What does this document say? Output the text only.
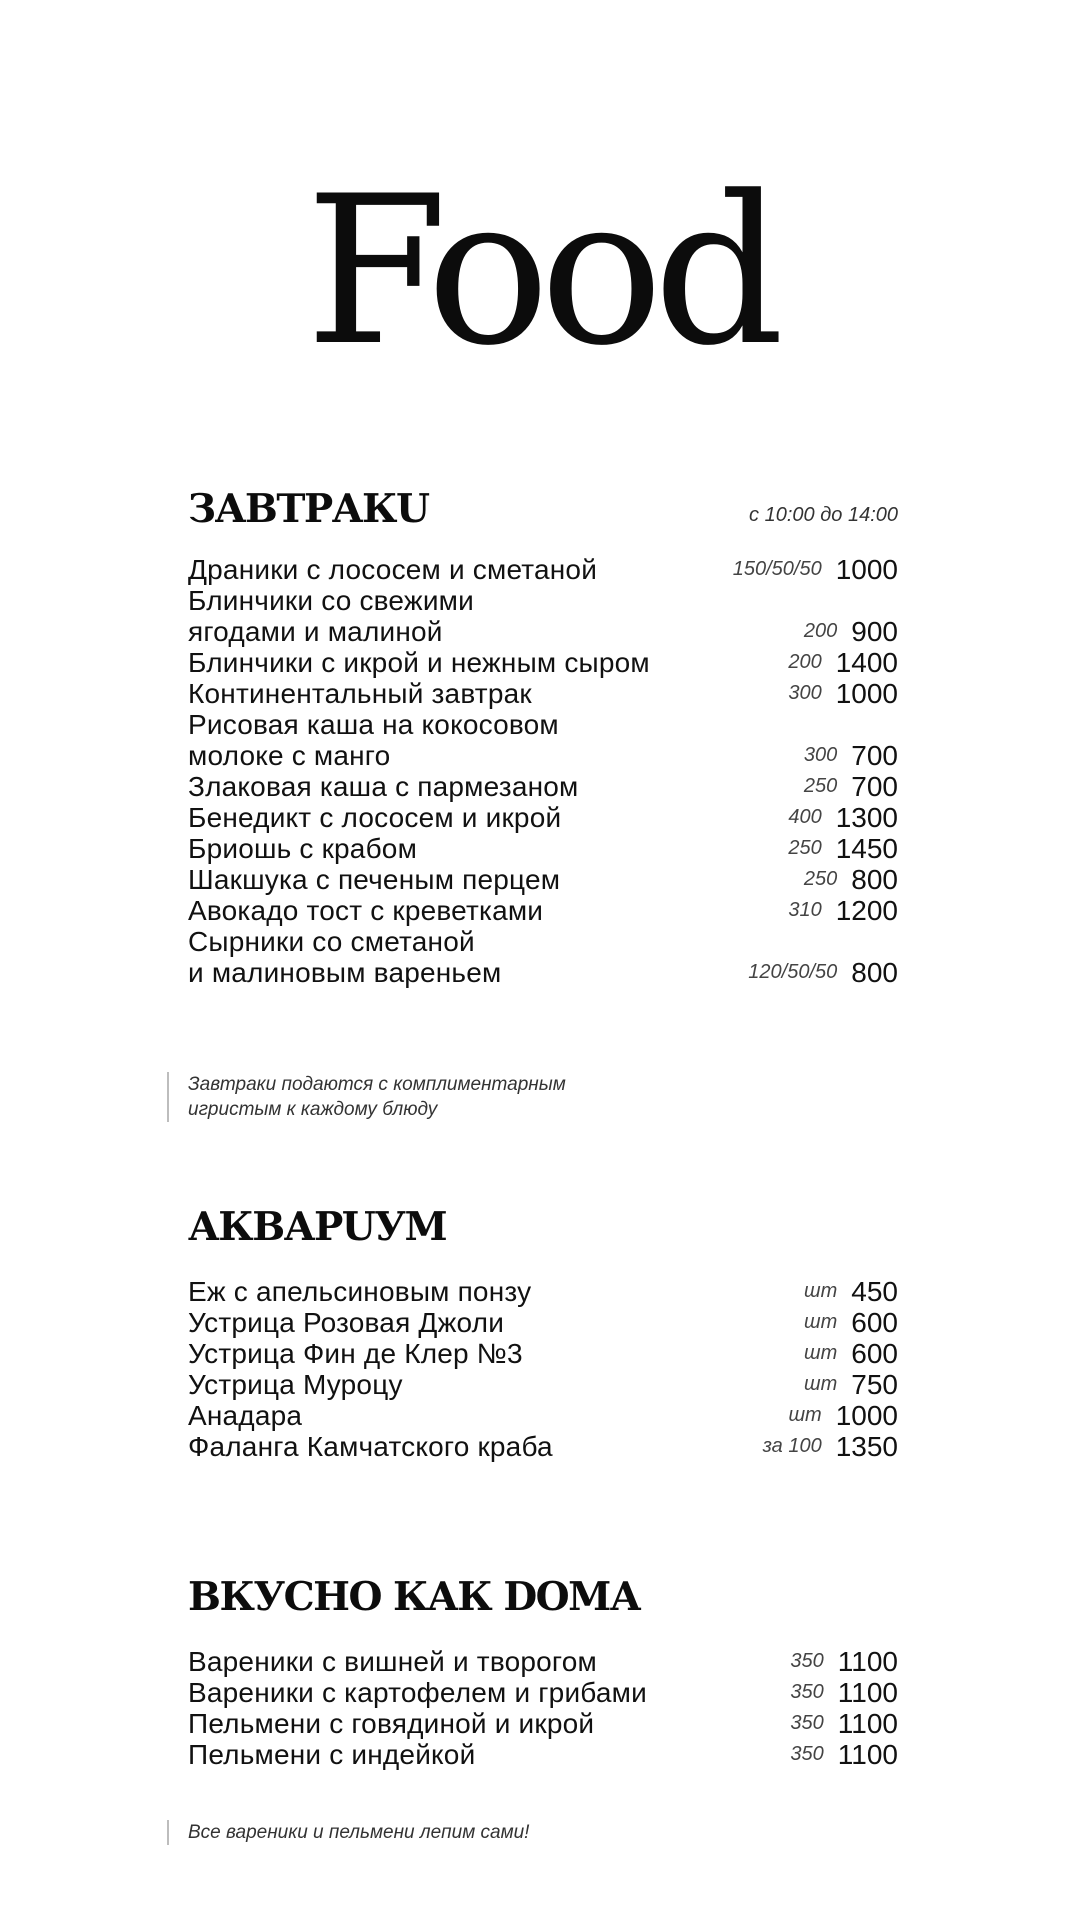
Food
ЗАВТРАКU	с 10:00 до 14:00
Драники с лососем и сметаной	150/50/50 1000
Блинчики со свежими
ягодами и малиной	200 900
Блинчики с икрой и нежным сыром	200 1400
Континентальный завтрак	300 1000
Рисовая каша на кокосовом
молоке с манго	300 700
Злаковая каша с пармезаном	250 700
Бенедикт с лососем и икрой	400 1300
Бриошь с крабом	250 1450
Шакшука с печеным перцем	250 800
Авокадо тост с креветками	310 1200
Сырники со сметаной
и малиновым вареньем	120/50/50 800
Завтраки подаются с комплиментарным
игристым к каждому блюду
АКВАРUУМ
Еж с апельсиновым понзу	шт 450
Устрица Розовая Джоли	шт 600
Устрица Фин де Клер №3	шт 600
Устрица Муроцу	шт 750
Анадара	шт 1000
Фаланга Камчатского краба	за 100 1350
ВКУСНО КАК DОМА
Вареники с вишней и творогом	350 1100
Вареники с картофелем и грибами	350 1100
Пельмени с говядиной и икрой	350 1100
Пельмени с индейкой	350 1100
Все вареники и пельмени лепим сами!
